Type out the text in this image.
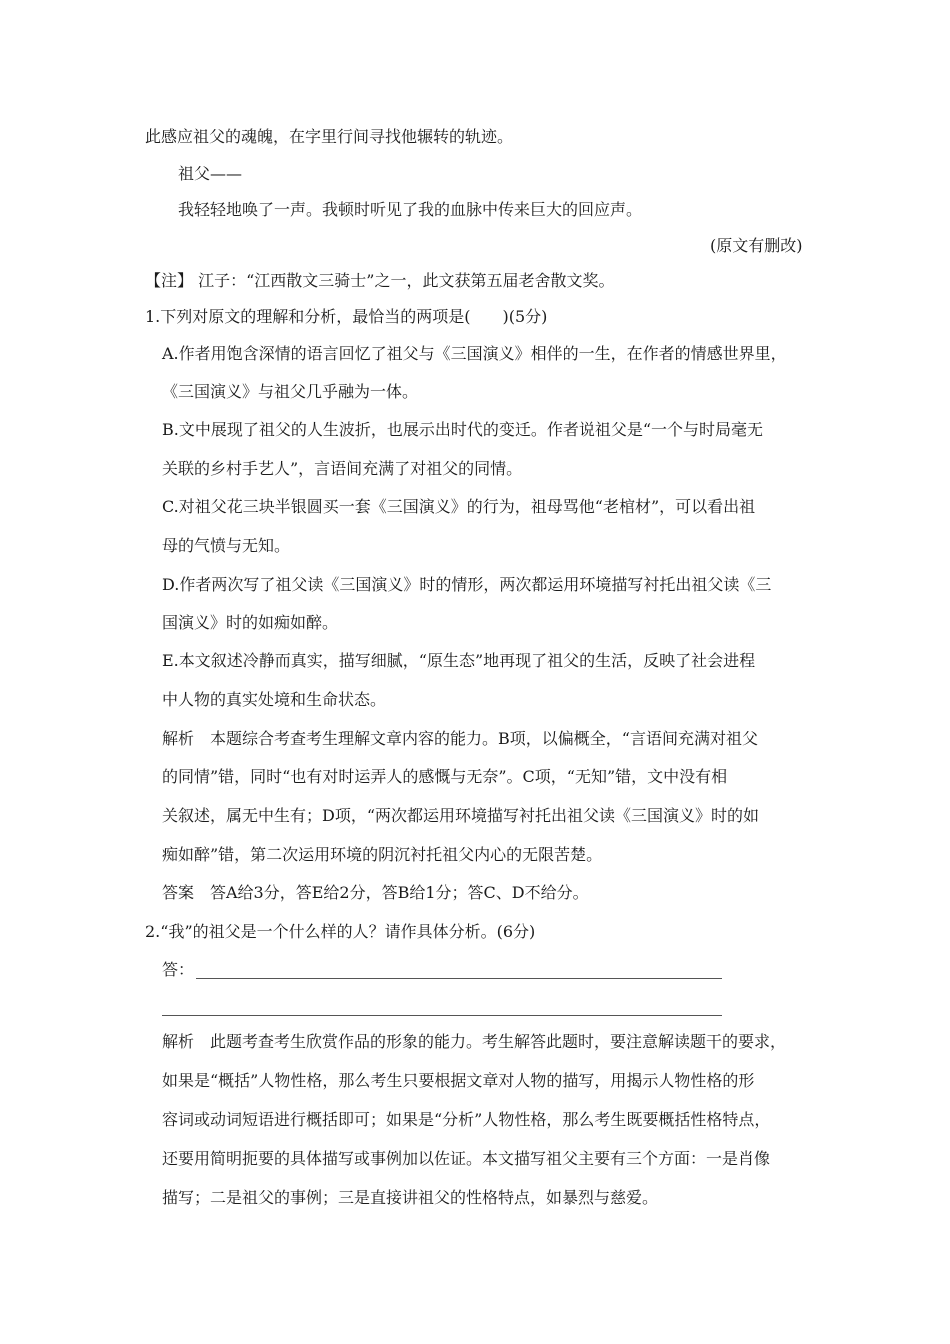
此感应祖父的魂魄，在字里行间寻找他辗转的轨迹。
祖父——
我轻轻地唤了一声。我顿时听见了我的血脉中传来巨大的回应声。
(原文有删改)
【注】 江子：“江西散文三骑士”之一，此文获第五届老舍散文奖。
1.下列对原文的理解和分析，最恰当的两项是(　　)(5分)
A.作者用饱含深情的语言回忆了祖父与《三国演义》相伴的一生，在作者的情感世界里，
《三国演义》与祖父几乎融为一体。
B.文中展现了祖父的人生波折，也展示出时代的变迁。作者说祖父是“一个与时局毫无
关联的乡村手艺人”，言语间充满了对祖父的同情。
C.对祖父花三块半银圆买一套《三国演义》的行为，祖母骂他“老棺材”，可以看出祖
母的气愤与无知。
D.作者两次写了祖父读《三国演义》时的情形，两次都运用环境描写衬托出祖父读《三
国演义》时的如痴如醉。
E.本文叙述冷静而真实，描写细腻，“原生态”地再现了祖父的生活，反映了社会进程
中人物的真实处境和生命状态。
解析　本题综合考查考生理解文章内容的能力。B项，以偏概全，“言语间充满对祖父
的同情”错，同时“也有对时运弄人的感慨与无奈”。C项，“无知”错，文中没有相
关叙述，属无中生有；D项，“两次都运用环境描写衬托出祖父读《三国演义》时的如
痴如醉”错，第二次运用环境的阴沉衬托祖父内心的无限苦楚。
答案　答A给3分，答E给2分，答B给1分；答C、D不给分。
2.“我”的祖父是一个什么样的人？请作具体分析。(6分)
答：
解析　此题考查考生欣赏作品的形象的能力。考生解答此题时，要注意解读题干的要求，
如果是“概括”人物性格，那么考生只要根据文章对人物的描写，用揭示人物性格的形
容词或动词短语进行概括即可；如果是“分析”人物性格，那么考生既要概括性格特点，
还要用简明扼要的具体描写或事例加以佐证。本文描写祖父主要有三个方面：一是肖像
描写；二是祖父的事例；三是直接讲祖父的性格特点，如暴烈与慈爱。
